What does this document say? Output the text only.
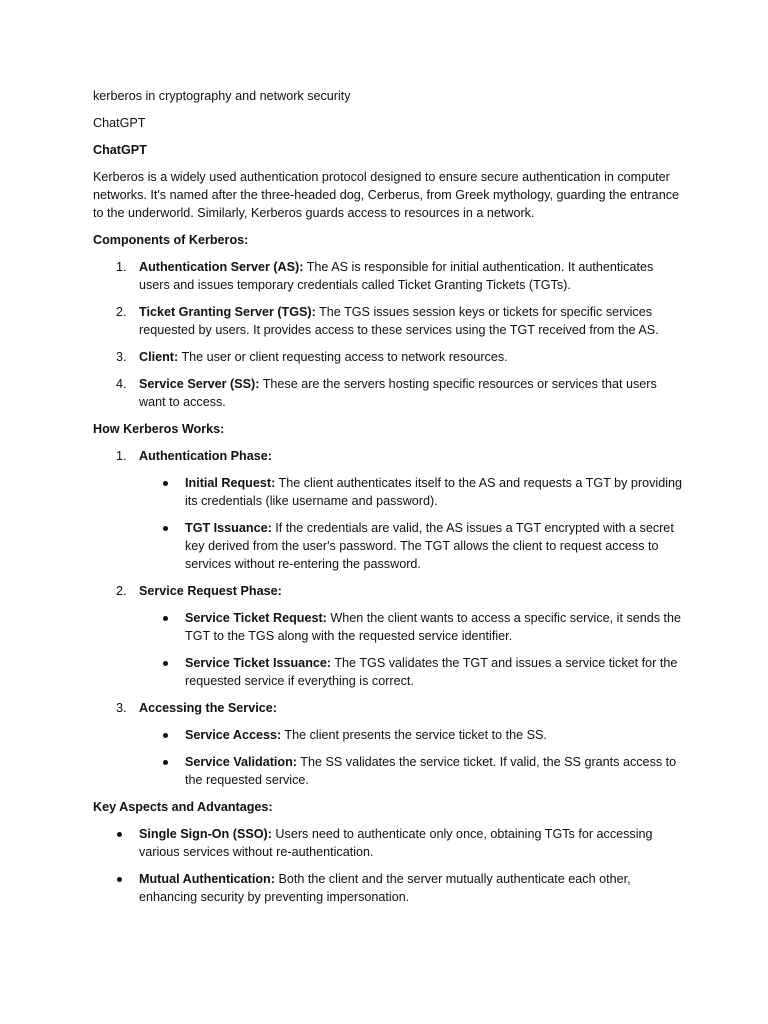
kerberos in cryptography and network security

ChatGPT

ChatGPT

Kerberos is a widely used authentication protocol designed to ensure secure authentication in computer networks. It's named after the three-headed dog, Cerberus, from Greek mythology, guarding the entrance to the underworld. Similarly, Kerberos guards access to resources in a network.

Components of Kerberos:

1. Authentication Server (AS): The AS is responsible for initial authentication. It authenticates users and issues temporary credentials called Ticket Granting Tickets (TGTs).
2. Ticket Granting Server (TGS): The TGS issues session keys or tickets for specific services requested by users. It provides access to these services using the TGT received from the AS.
3. Client: The user or client requesting access to network resources.
4. Service Server (SS): These are the servers hosting specific resources or services that users want to access.

How Kerberos Works:

1. Authentication Phase:
Initial Request: The client authenticates itself to the AS and requests a TGT by providing its credentials (like username and password).
TGT Issuance: If the credentials are valid, the AS issues a TGT encrypted with a secret key derived from the user's password. The TGT allows the client to request access to services without re-entering the password.
2. Service Request Phase:
Service Ticket Request: When the client wants to access a specific service, it sends the TGT to the TGS along with the requested service identifier.
Service Ticket Issuance: The TGS validates the TGT and issues a service ticket for the requested service if everything is correct.
3. Accessing the Service:
Service Access: The client presents the service ticket to the SS.
Service Validation: The SS validates the service ticket. If valid, the SS grants access to the requested service.

Key Aspects and Advantages:

Single Sign-On (SSO): Users need to authenticate only once, obtaining TGTs for accessing various services without re-authentication.
Mutual Authentication: Both the client and the server mutually authenticate each other, enhancing security by preventing impersonation.
